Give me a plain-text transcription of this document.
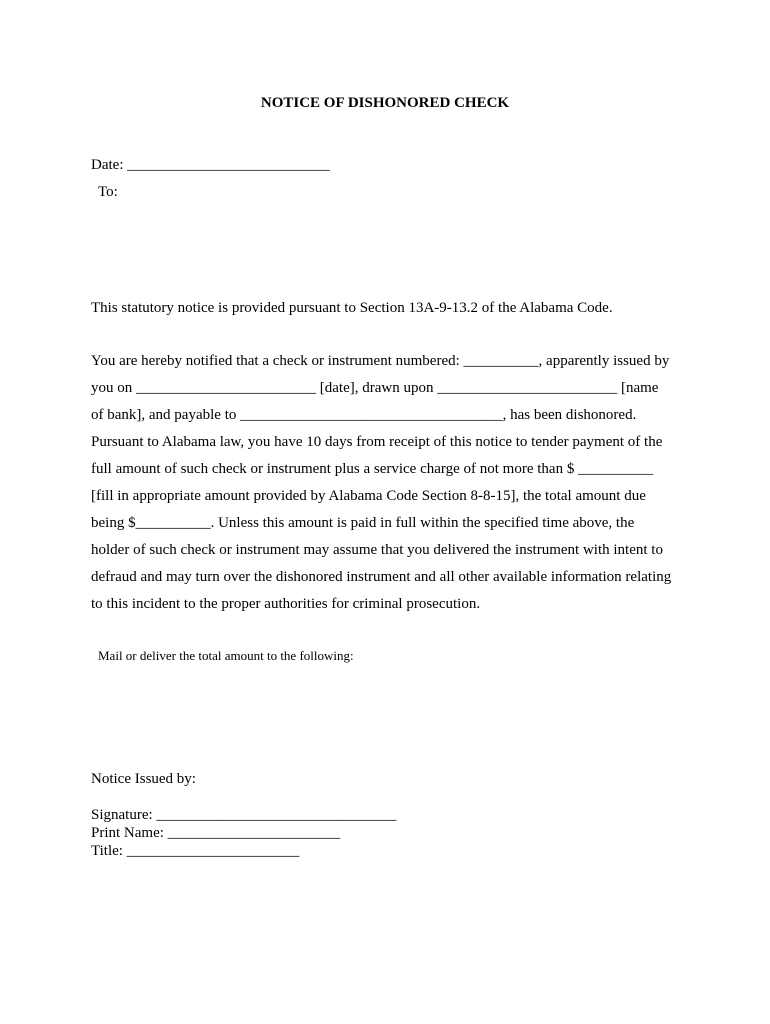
NOTICE OF DISHONORED CHECK
Date: ___________________________
To:
This statutory notice is provided pursuant to Section 13A-9-13.2 of the Alabama Code.
You are hereby notified that a check or instrument numbered: __________, apparently issued by
you on ________________________ [date], drawn upon ________________________ [name
of bank], and payable to ___________________________________, has been dishonored.
Pursuant to Alabama law, you have 10 days from receipt of this notice to tender payment of the
full amount of such check or instrument plus a service charge of not more than $ __________
[fill in appropriate amount provided by Alabama Code Section 8-8-15], the total amount due
being $__________. Unless this amount is paid in full within the specified time above, the
holder of such check or instrument may assume that you delivered the instrument with intent to
defraud and may turn over the dishonored instrument and all other available information relating
to this incident to the proper authorities for criminal prosecution.
Mail or deliver the total amount to the following:
Notice Issued by:
Signature: ________________________________
Print Name: _______________________
Title: _______________________
